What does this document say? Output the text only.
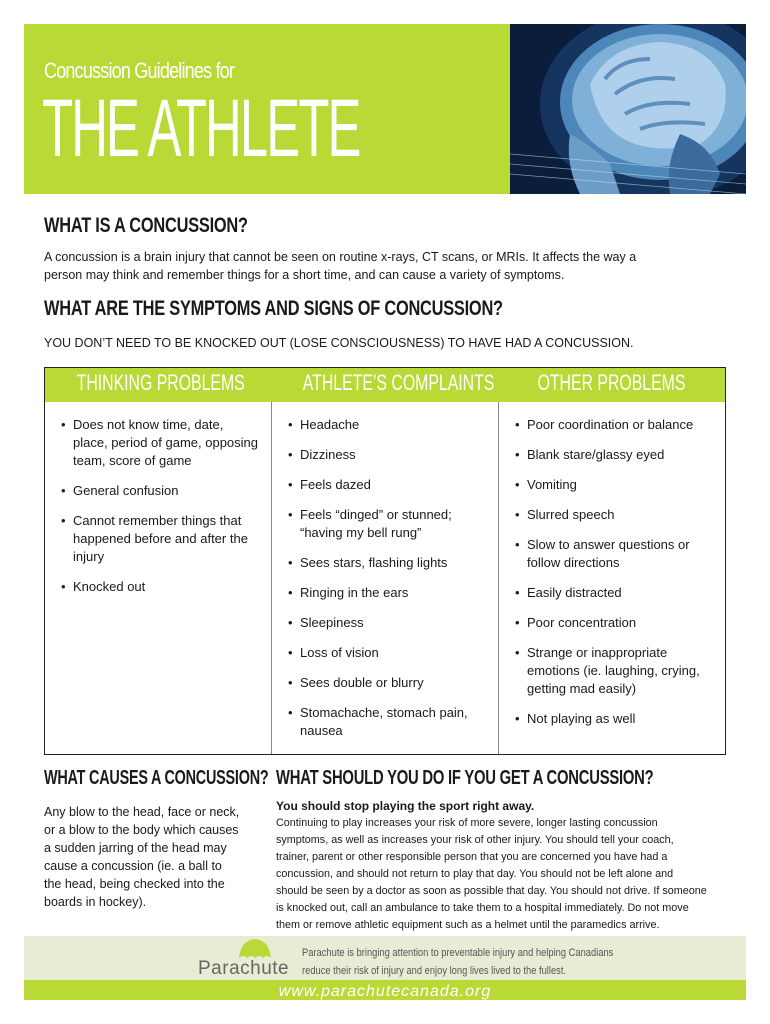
Concussion Guidelines for
THE ATHLETE
WHAT IS A CONCUSSION?
A concussion is a brain injury that cannot be seen on routine x-rays, CT scans, or MRIs. It affects the way a
person may think and remember things for a short time, and can cause a variety of symptoms.
WHAT ARE THE SYMPTOMS AND SIGNS OF CONCUSSION?
YOU DON’T NEED TO BE KNOCKED OUT (LOSE CONSCIOUSNESS) TO HAVE HAD A CONCUSSION.
THINKING PROBLEMS	ATHLETE’S COMPLAINTS	OTHER PROBLEMS
• Does not know time, date, place, period of game, opposing team, score of game
• General confusion
• Cannot remember things that happened before and after the injury
• Knocked out
• Headache
• Dizziness
• Feels dazed
• Feels “dinged” or stunned; “having my bell rung”
• Sees stars, flashing lights
• Ringing in the ears
• Sleepiness
• Loss of vision
• Sees double or blurry
• Stomachache, stomach pain, nausea
• Poor coordination or balance
• Blank stare/glassy eyed
• Vomiting
• Slurred speech
• Slow to answer questions or follow directions
• Easily distracted
• Poor concentration
• Strange or inappropriate emotions (ie. laughing, crying, getting mad easily)
• Not playing as well
WHAT CAUSES A CONCUSSION?
Any blow to the head, face or neck,
or a blow to the body which causes
a sudden jarring of the head may
cause a concussion (ie. a ball to
the head, being checked into the
boards in hockey).
WHAT SHOULD YOU DO IF YOU GET A CONCUSSION?
You should stop playing the sport right away.
Continuing to play increases your risk of more severe, longer lasting concussion
symptoms, as well as increases your risk of other injury. You should tell your coach,
trainer, parent or other responsible person that you are concerned you have had a
concussion, and should not return to play that day. You should not be left alone and
should be seen by a doctor as soon as possible that day. You should not drive. If someone
is knocked out, call an ambulance to take them to a hospital immediately. Do not move
them or remove athletic equipment such as a helmet until the paramedics arrive.
Parachute
Parachute is bringing attention to preventable injury and helping Canadians
reduce their risk of injury and enjoy long lives lived to the fullest.
www.parachutecanada.org
